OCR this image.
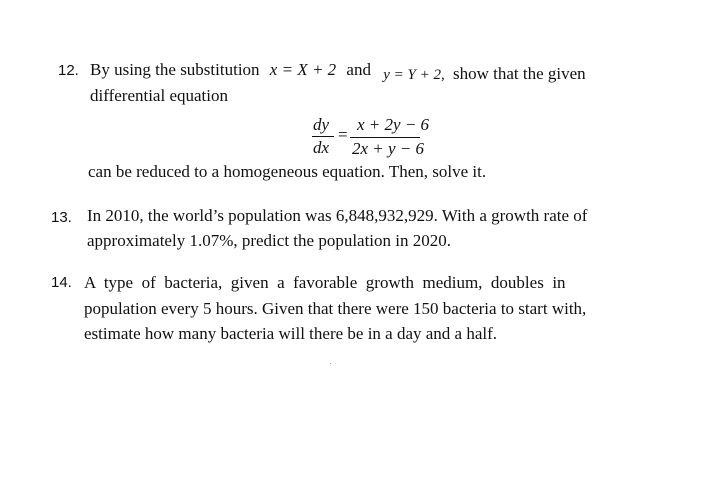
12. By using the substitution x = X + 2 and y = Y + 2, show that the given
differential equation
dy
dx
=
x + 2y − 6
2x + y − 6
can be reduced to a homogeneous equation. Then, solve it.
13. In 2010, the world’s population was 6,848,932,929. With a growth rate of
approximately 1.07%, predict the population in 2020.
14. A  type  of  bacteria,  given  a  favorable  growth  medium,  doubles  in
population every 5 hours. Given that there were 150 bacteria to start with,
estimate how many bacteria will there be in a day and a half.
